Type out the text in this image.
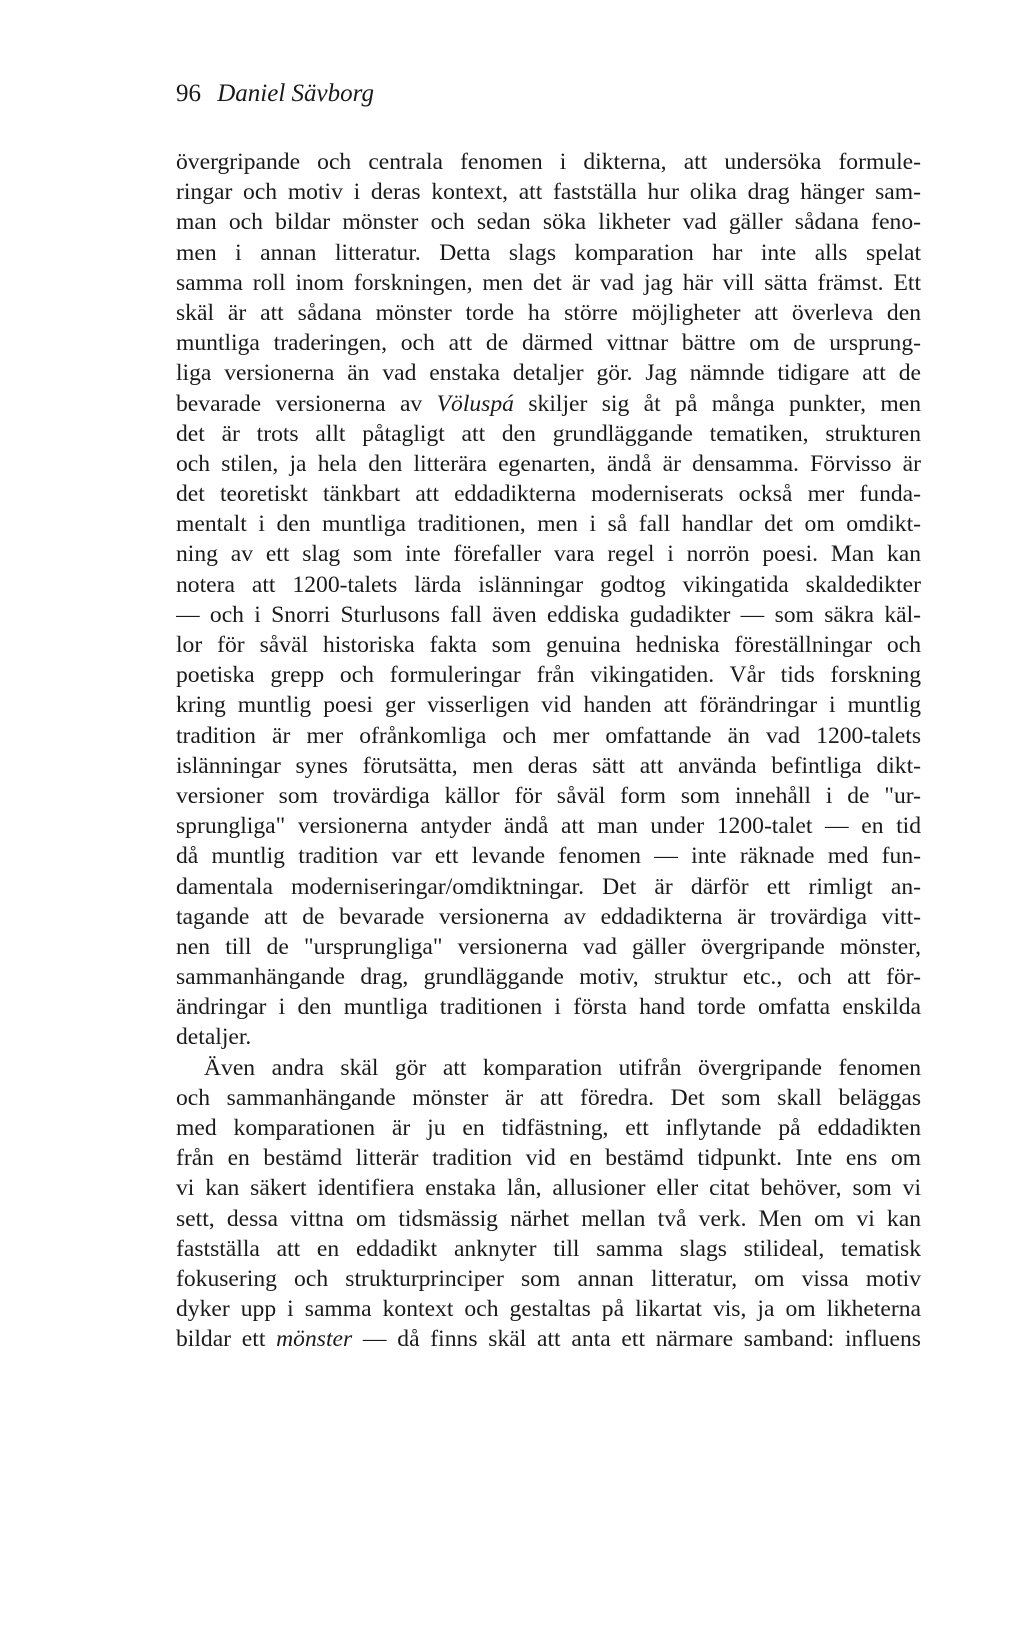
96 Daniel Sävborg
övergripande och centrala fenomen i dikterna, att undersöka formule-
ringar och motiv i deras kontext, att fastställa hur olika drag hänger sam-
man och bildar mönster och sedan söka likheter vad gäller sådana feno-
men i annan litteratur. Detta slags komparation har inte alls spelat
samma roll inom forskningen, men det är vad jag här vill sätta främst. Ett
skäl är att sådana mönster torde ha större möjligheter att överleva den
muntliga traderingen, och att de därmed vittnar bättre om de ursprung-
liga versionerna än vad enstaka detaljer gör. Jag nämnde tidigare att de
bevarade versionerna av Völuspá skiljer sig åt på många punkter, men
det är trots allt påtagligt att den grundläggande tematiken, strukturen
och stilen, ja hela den litterära egenarten, ändå är densamma. Förvisso är
det teoretiskt tänkbart att eddadikterna moderniserats också mer funda-
mentalt i den muntliga traditionen, men i så fall handlar det om omdikt-
ning av ett slag som inte förefaller vara regel i norrön poesi. Man kan
notera att 1200-talets lärda islänningar godtog vikingatida skaldedikter
— och i Snorri Sturlusons fall även eddiska gudadikter — som säkra käl-
lor för såväl historiska fakta som genuina hedniska föreställningar och
poetiska grepp och formuleringar från vikingatiden. Vår tids forskning
kring muntlig poesi ger visserligen vid handen att förändringar i muntlig
tradition är mer ofrånkomliga och mer omfattande än vad 1200-talets
islänningar synes förutsätta, men deras sätt att använda befintliga dikt-
versioner som trovärdiga källor för såväl form som innehåll i de "ur-
sprungliga" versionerna antyder ändå att man under 1200-talet — en tid
då muntlig tradition var ett levande fenomen — inte räknade med fun-
damentala moderniseringar/omdiktningar. Det är därför ett rimligt an-
tagande att de bevarade versionerna av eddadikterna är trovärdiga vitt-
nen till de "ursprungliga" versionerna vad gäller övergripande mönster,
sammanhängande drag, grundläggande motiv, struktur etc., och att för-
ändringar i den muntliga traditionen i första hand torde omfatta enskilda
detaljer.
Även andra skäl gör att komparation utifrån övergripande fenomen
och sammanhängande mönster är att föredra. Det som skall beläggas
med komparationen är ju en tidfästning, ett inflytande på eddadikten
från en bestämd litterär tradition vid en bestämd tidpunkt. Inte ens om
vi kan säkert identifiera enstaka lån, allusioner eller citat behöver, som vi
sett, dessa vittna om tidsmässig närhet mellan två verk. Men om vi kan
fastställa att en eddadikt anknyter till samma slags stilideal, tematisk
fokusering och strukturprinciper som annan litteratur, om vissa motiv
dyker upp i samma kontext och gestaltas på likartat vis, ja om likheterna
bildar ett mönster — då finns skäl att anta ett närmare samband: influens
